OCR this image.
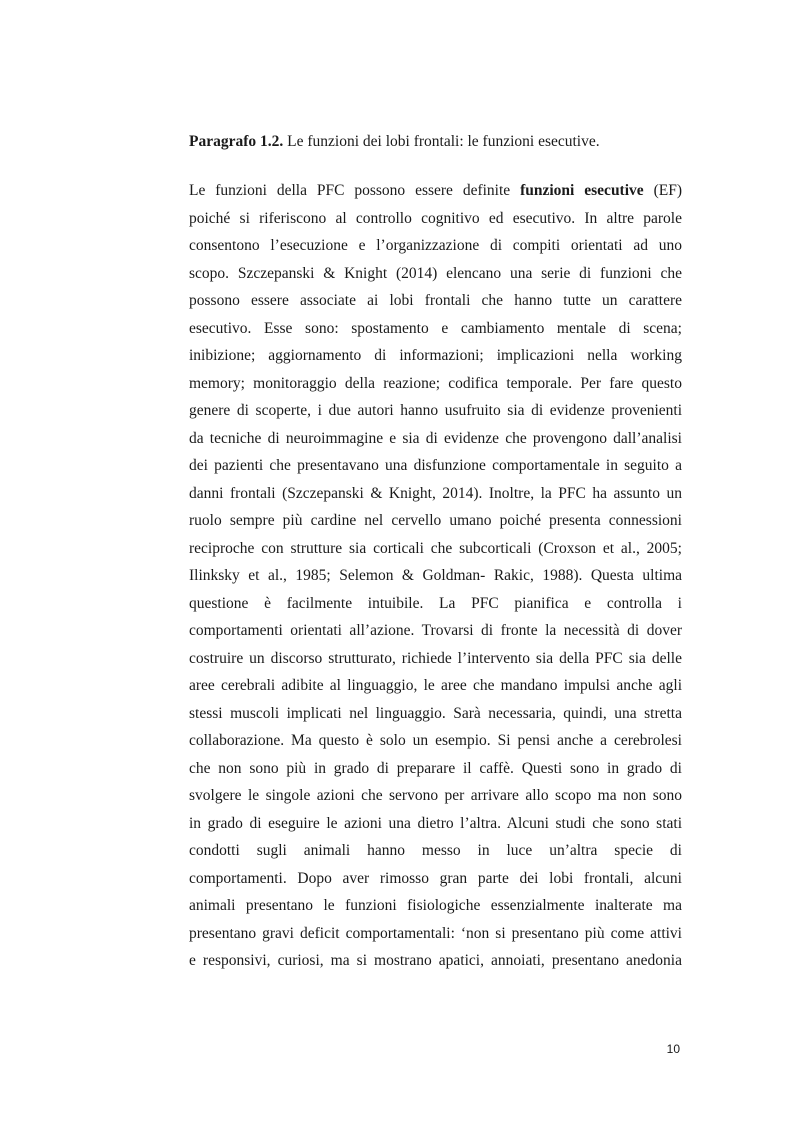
Paragrafo 1.2. Le funzioni dei lobi frontali: le funzioni esecutive.
Le funzioni della PFC possono essere definite funzioni esecutive (EF)
poiché si riferiscono al controllo cognitivo ed esecutivo. In altre parole
consentono l’esecuzione e l’organizzazione di compiti orientati ad uno
scopo. Szczepanski & Knight (2014) elencano una serie di funzioni che
possono essere associate ai lobi frontali che hanno tutte un carattere
esecutivo. Esse sono: spostamento e cambiamento mentale di scena;
inibizione; aggiornamento di informazioni; implicazioni nella working
memory; monitoraggio della reazione; codifica temporale. Per fare questo
genere di scoperte, i due autori hanno usufruito sia di evidenze provenienti
da tecniche di neuroimmagine e sia di evidenze che provengono dall’analisi
dei pazienti che presentavano una disfunzione comportamentale in seguito a
danni frontali (Szczepanski & Knight, 2014). Inoltre, la PFC ha assunto un
ruolo sempre più cardine nel cervello umano poiché presenta connessioni
reciproche con strutture sia corticali che subcorticali (Croxson et al., 2005;
Ilinksky et al., 1985; Selemon & Goldman- Rakic, 1988). Questa ultima
questione è facilmente intuibile. La PFC pianifica e controlla i
comportamenti orientati all’azione. Trovarsi di fronte la necessità di dover
costruire un discorso strutturato, richiede l’intervento sia della PFC sia delle
aree cerebrali adibite al linguaggio, le aree che mandano impulsi anche agli
stessi muscoli implicati nel linguaggio. Sarà necessaria, quindi, una stretta
collaborazione. Ma questo è solo un esempio. Si pensi anche a cerebrolesi
che non sono più in grado di preparare il caffè. Questi sono in grado di
svolgere le singole azioni che servono per arrivare allo scopo ma non sono
in grado di eseguire le azioni una dietro l’altra. Alcuni studi che sono stati
condotti sugli animali hanno messo in luce un’altra specie di
comportamenti. Dopo aver rimosso gran parte dei lobi frontali, alcuni
animali presentano le funzioni fisiologiche essenzialmente inalterate ma
presentano gravi deficit comportamentali: ‘non si presentano più come attivi
e responsivi, curiosi, ma si mostrano apatici, annoiati, presentano anedonia
10
